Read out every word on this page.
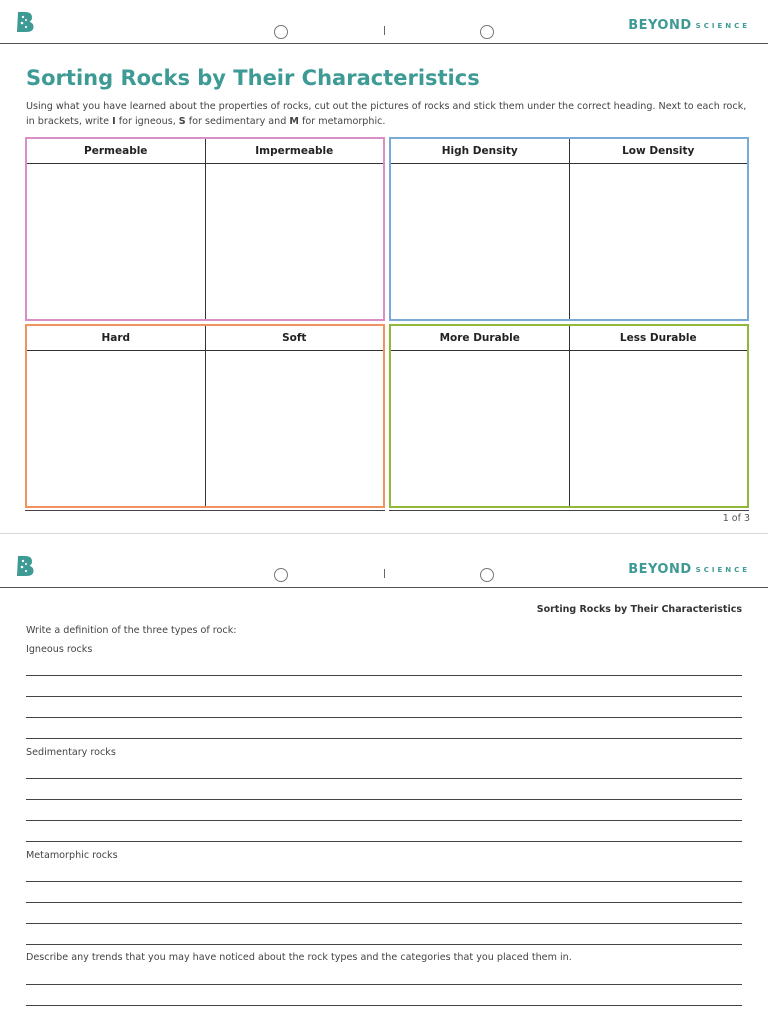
BEYOND SCIENCE
Sorting Rocks by Their Characteristics

Using what you have learned about the properties of rocks, cut out the pictures of rocks and stick them under the correct heading. Next to each rock, in brackets, write I for igneous, S for sedimentary and M for metamorphic.

Permeable	Impermeable	High Density	Low Density
Hard	Soft	More Durable	Less Durable
1 of 3
BEYOND SCIENCE
Sorting Rocks by Their Characteristics
Write a definition of the three types of rock:
Igneous rocks
Sedimentary rocks
Metamorphic rocks
Describe any trends that you may have noticed about the rock types and the categories that you placed them in.
